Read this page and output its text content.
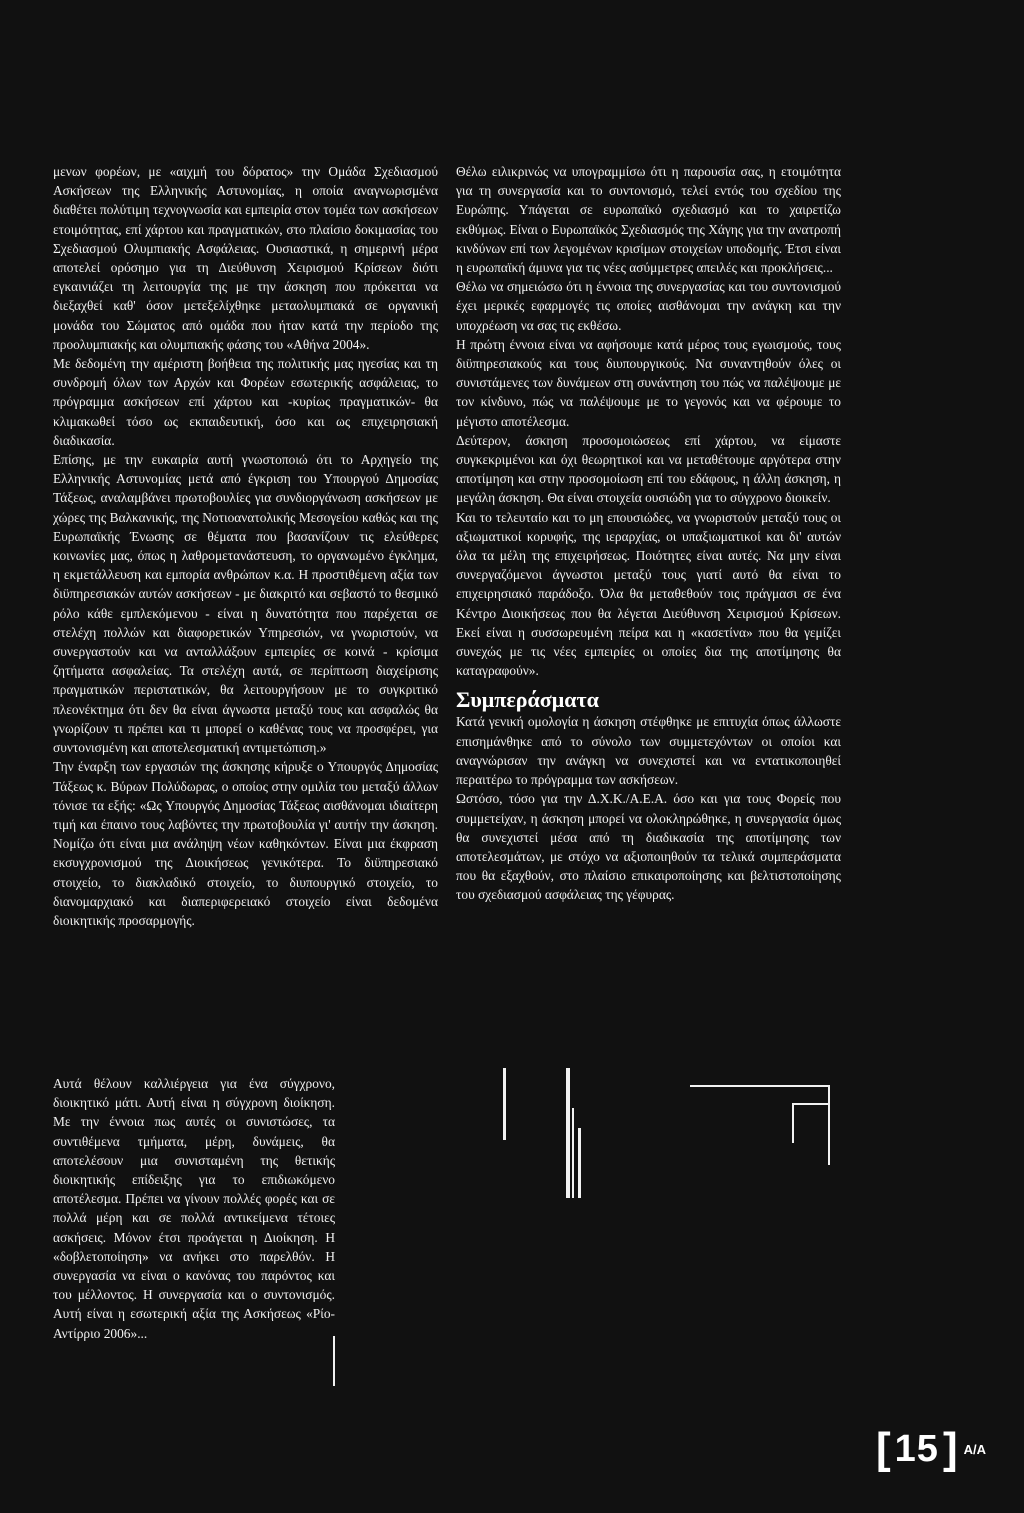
μενων φορέων, με «αιχμή του δόρατος» την Ομάδα Σχεδιασμού Ασκήσεων της Ελληνικής Αστυνομίας, η οποία αναγνωρισμένα διαθέτει πολύτιμη τεχνογνωσία και εμπειρία στον τομέα των ασκήσεων ετοιμότητας, επί χάρτου και πραγματικών, στο πλαίσιο δοκιμασίας του Σχεδιασμού Ολυμπιακής Ασφάλειας. Ουσιαστικά, η σημερινή μέρα αποτελεί ορόσημο για τη Διεύθυνση Χειρισμού Κρίσεων διότι εγκαινιάζει τη λειτουργία της με την άσκηση που πρόκειται να διεξαχθεί καθ' όσον μετεξελίχθηκε μεταολυμπιακά σε οργανική μονάδα του Σώματος από ομάδα που ήταν κατά την περίοδο της προολυμπιακής και ολυμπιακής φάσης του «Αθήνα 2004».

Με δεδομένη την αμέριστη βοήθεια της πολιτικής μας ηγεσίας και τη συνδρομή όλων των Αρχών και Φορέων εσωτερικής ασφάλειας, το πρόγραμμα ασκήσεων επί χάρτου και -κυρίως πραγματικών- θα κλιμακωθεί τόσο ως εκπαιδευτική, όσο και ως επιχειρησιακή διαδικασία.

Επίσης, με την ευκαιρία αυτή γνωστοποιώ ότι το Αρχηγείο της Ελληνικής Αστυνομίας μετά από έγκριση του Υπουργού Δημοσίας Τάξεως, αναλαμβάνει πρωτοβουλίες για συνδιοργάνωση ασκήσεων με χώρες της Βαλκανικής, της Νοτιοανατολικής Μεσογείου καθώς και της Ευρωπαϊκής Ένωσης σε θέματα που βασανίζουν τις ελεύθερες κοινωνίες μας, όπως η λαθρομετανάστευση, το οργανωμένο έγκλημα, η εκμετάλλευση και εμπορία ανθρώπων κ.α. Η προστιθέμενη αξία των διϋπηρεσιακών αυτών ασκήσεων - με διακριτό και σεβαστό το θεσμικό ρόλο κάθε εμπλεκόμενου - είναι η δυνατότητα που παρέχεται σε στελέχη πολλών και διαφορετικών Υπηρεσιών, να γνωριστούν, να συνεργαστούν και να ανταλλάξουν εμπειρίες σε κοινά - κρίσιμα ζητήματα ασφαλείας. Τα στελέχη αυτά, σε περίπτωση διαχείρισης πραγματικών περιστατικών, θα λειτουργήσουν με το συγκριτικό πλεονέκτημα ότι δεν θα είναι άγνωστα μεταξύ τους και ασφαλώς θα γνωρίζουν τι πρέπει και τι μπορεί ο καθένας τους να προσφέρει, για συντονισμένη και αποτελεσματική αντιμετώπιση.»

Την έναρξη των εργασιών της άσκησης κήρυξε ο Υπουργός Δημοσίας Τάξεως κ. Βύρων Πολύδωρας, ο οποίος στην ομιλία του μεταξύ άλλων τόνισε τα εξής: «Ως Υπουργός Δημοσίας Τάξεως αισθάνομαι ιδιαίτερη τιμή και έπαινο τους λαβόντες την πρωτοβουλία γι' αυτήν την άσκηση. Νομίζω ότι είναι μια ανάληψη νέων καθηκόντων. Είναι μια έκφραση εκσυγχρονισμού της Διοικήσεως γενικότερα. Το διϋπηρεσιακό στοιχείο, το διακλαδικό στοιχείο, το διυπουργικό στοιχείο, το διανομαρχιακό και διαπεριφερειακό στοιχείο είναι δεδομένα διοικητικής προσαρμογής.

Αυτά θέλουν καλλιέργεια για ένα σύγχρονο, διοικητικό μάτι. Αυτή είναι η σύγχρονη διοίκηση. Με την έννοια πως αυτές οι συνιστώσες, τα συντιθέμενα τμήματα, μέρη, δυνάμεις, θα αποτελέσουν μια συνισταμένη της θετικής διοικητικής επίδειξης για το επιδιωκόμενο αποτέλεσμα. Πρέπει να γίνουν πολλές φορές και σε πολλά μέρη και σε πολλά αντικείμενα τέτοιες ασκήσεις. Μόνον έτσι προάγεται η Διοίκηση. Η «δοβλετοποίηση» να ανήκει στο παρελθόν. Η συνεργασία να είναι ο κανόνας του παρόντος και του μέλλοντος. Η συνεργασία και ο συντονισμός. Αυτή είναι η εσωτερική αξία της Ασκήσεως «Ρίο-Αντίρριο 2006»...

Θέλω ειλικρινώς να υπογραμμίσω ότι η παρουσία σας, η ετοιμότητα για τη συνεργασία και το συντονισμό, τελεί εντός του σχεδίου της Ευρώπης. Υπάγεται σε ευρωπαϊκό σχεδιασμό και το χαιρετίζω εκθύμως. Είναι ο Ευρωπαϊκός Σχεδιασμός της Χάγης για την ανατροπή κινδύνων επί των λεγομένων κρισίμων στοιχείων υποδομής. Έτσι είναι η ευρωπαϊκή άμυνα για τις νέες ασύμμετρες απειλές και προκλήσεις...

Θέλω να σημειώσω ότι η έννοια της συνεργασίας και του συντονισμού έχει μερικές εφαρμογές τις οποίες αισθάνομαι την ανάγκη και την υποχρέωση να σας τις εκθέσω.

Η πρώτη έννοια είναι να αφήσουμε κατά μέρος τους εγωισμούς, τους διϋπηρεσιακούς και τους διυπουργικούς. Να συναντηθούν όλες οι συνιστάμενες των δυνάμεων στη συνάντηση του πώς να παλέψουμε με τον κίνδυνο, πώς να παλέψουμε με το γεγονός και να φέρουμε το μέγιστο αποτέλεσμα.

Δεύτερον, άσκηση προσομοιώσεως επί χάρτου, να είμαστε συγκεκριμένοι και όχι θεωρητικοί και να μεταθέτουμε αργότερα στην αποτίμηση και στην προσομοίωση επί του εδάφους, η άλλη άσκηση, η μεγάλη άσκηση. Θα είναι στοιχεία ουσιώδη για το σύγχρονο διοικείν.

Και το τελευταίο και το μη επουσιώδες, να γνωριστούν μεταξύ τους οι αξιωματικοί κορυφής, της ιεραρχίας, οι υπαξιωματικοί και δι' αυτών όλα τα μέλη της επιχειρήσεως. Ποιότητες είναι αυτές. Να μην είναι συνεργαζόμενοι άγνωστοι μεταξύ τους γιατί αυτό θα είναι το επιχειρησιακό παράδοξο. Όλα θα μεταθεθούν τοις πράγμασι σε ένα Κέντρο Διοικήσεως που θα λέγεται Διεύθυνση Χειρισμού Κρίσεων. Εκεί είναι η συσσωρευμένη πείρα και η «κασετίνα» που θα γεμίζει συνεχώς με τις νέες εμπειρίες οι οποίες δια της αποτίμησης θα καταγραφούν».

Συμπεράσματα

Κατά γενική ομολογία η άσκηση στέφθηκε με επιτυχία όπως άλλωστε επισημάνθηκε από το σύνολο των συμμετεχόντων οι οποίοι και αναγνώρισαν την ανάγκη να συνεχιστεί και να εντατικοποιηθεί περαιτέρω το πρόγραμμα των ασκήσεων.

Ωστόσο, τόσο για την Δ.Χ.Κ./Α.Ε.Α. όσο και για τους Φορείς που συμμετείχαν, η άσκηση μπορεί να ολοκληρώθηκε, η συνεργασία όμως θα συνεχιστεί μέσα από τη διαδικασία της αποτίμησης των αποτελεσμάτων, με στόχο να αξιοποιηθούν τα τελικά συμπεράσματα που θα εξαχθούν, στο πλαίσιο επικαιροποίησης και βελτιστοποίησης του σχεδιασμού ασφάλειας της γέφυρας.

[ 15 ] A/A
